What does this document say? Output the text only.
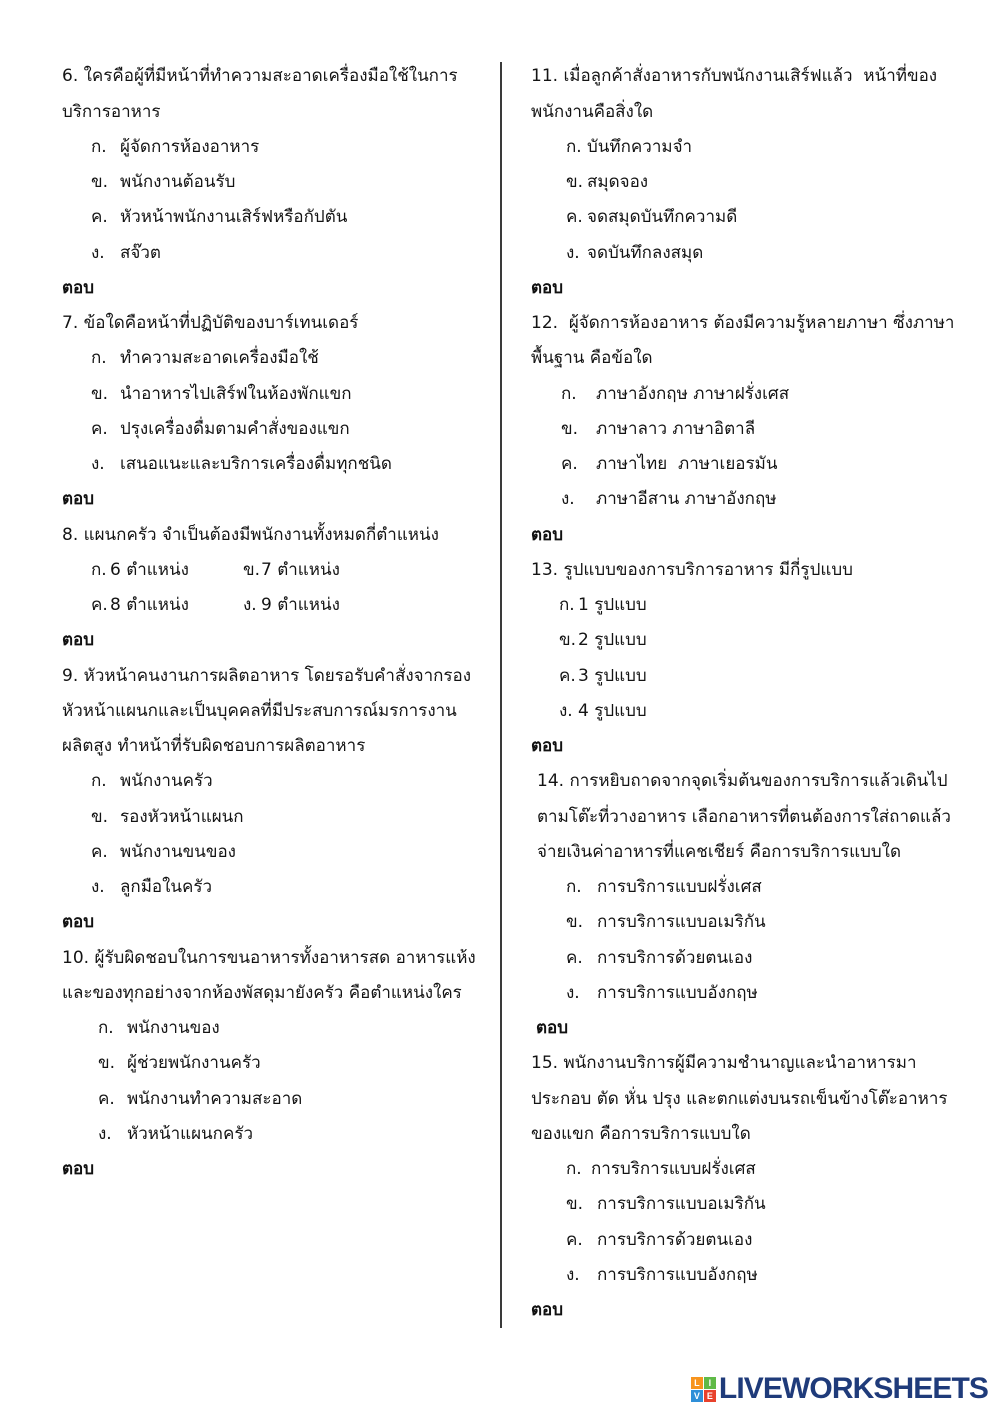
6. ใครคือผู้ที่มีหน้าที่ทำความสะอาดเครื่องมือใช้ในการ
บริการอาหาร

ก.

ผู้จัดการห้องอาหาร

ข.

พนักงานต้อนรับ

ค.

หัวหน้าพนักงานเสิร์ฟหรือกัปตัน

ง.

สจ๊วต

ตอบ
7. ข้อใดคือหน้าที่ปฏิบัติของบาร์เทนเดอร์

ก.

ทำความสะอาดเครื่องมือใช้

ข.

นำอาหารไปเสิร์ฟในห้องพักแขก

ค.

ปรุงเครื่องดื่มตามคำสั่งของแขก

ง.

เสนอแนะและบริการเครื่องดื่มทุกชนิด

ตอบ
8. แผนกครัว จำเป็นต้องมีพนักงานทั้งหมดกี่ตำแหน่ง

ก.

6 ตำแหน่ง

	ข.

7 ตำแหน่ง

ค.

8 ตำแหน่ง

	ง.

9 ตำแหน่ง

ตอบ
9. หัวหน้าคนงานการผลิตอาหาร โดยรอรับคำสั่งจากรอง
หัวหน้าแผนกและเป็นบุคคลที่มีประสบการณ์มรการงาน
ผลิตสูง ทำหน้าที่รับผิดชอบการผลิตอาหาร

ก.

พนักงานครัว

ข.

รองหัวหน้าแผนก

ค.

พนักงานขนของ

ง.

ลูกมือในครัว

ตอบ
10. ผู้รับผิดชอบในการขนอาหารทั้งอาหารสด อาหารแห้ง
และของทุกอย่างจากห้องพัสดุมายังครัว คือตำแหน่งใคร

ก.

พนักงานของ

ข.

ผู้ช่วยพนักงานครัว

ค.

พนักงานทำความสะอาด

ง.

หัวหน้าแผนกครัว

ตอบ
11. เมื่อลูกค้าสั่งอาหารกับพนักงานเสิร์ฟแล้ว  หน้าที่ของ
พนักงานคือสิ่งใด

ก.

บันทึกความจำ

ข.

สมุดจอง

ค.

จดสมุดบันทึกความดี

ง.

จดบันทึกลงสมุด

ตอบ
12.  ผู้จัดการห้องอาหาร ต้องมีความรู้หลายภาษา ซึ่งภาษา
พื้นฐาน คือข้อใด

ก.

ภาษาอังกฤษ ภาษาฝรั่งเศส

ข.

ภาษาลาว ภาษาอิตาลี

ค.

ภาษาไทย  ภาษาเยอรมัน

ง.

ภาษาอีสาน ภาษาอังกฤษ

ตอบ
13. รูปแบบของการบริการอาหาร มีกี่รูปแบบ

ก.

1 รูปแบบ

ข.

2 รูปแบบ

ค.

3 รูปแบบ

ง.

4 รูปแบบ

ตอบ
14. การหยิบถาดจากจุดเริ่มต้นของการบริการแล้วเดินไป
ตามโต๊ะที่วางอาหาร เลือกอาหารที่ตนต้องการใส่ถาดแล้ว
จ่ายเงินค่าอาหารที่แคชเชียร์ คือการบริการแบบใด

ก.

การบริการแบบฝรั่งเศส

ข.

การบริการแบบอเมริกัน

ค.

การบริการด้วยตนเอง

ง.

การบริการแบบอังกฤษ

ตอบ
15. พนักงานบริการผู้มีความชำนาญและนำอาหารมา
ประกอบ ตัด หั่น ปรุง และตกแต่งบนรถเข็นข้างโต๊ะอาหาร
ของแขก คือการบริการแบบใด

ก.

การบริการแบบฝรั่งเศส

ข.

การบริการแบบอเมริกัน

ค.

การบริการด้วยตนเอง

ง.

การบริการแบบอังกฤษ

ตอบ
L I
V E LIVEWORKSHEETS
